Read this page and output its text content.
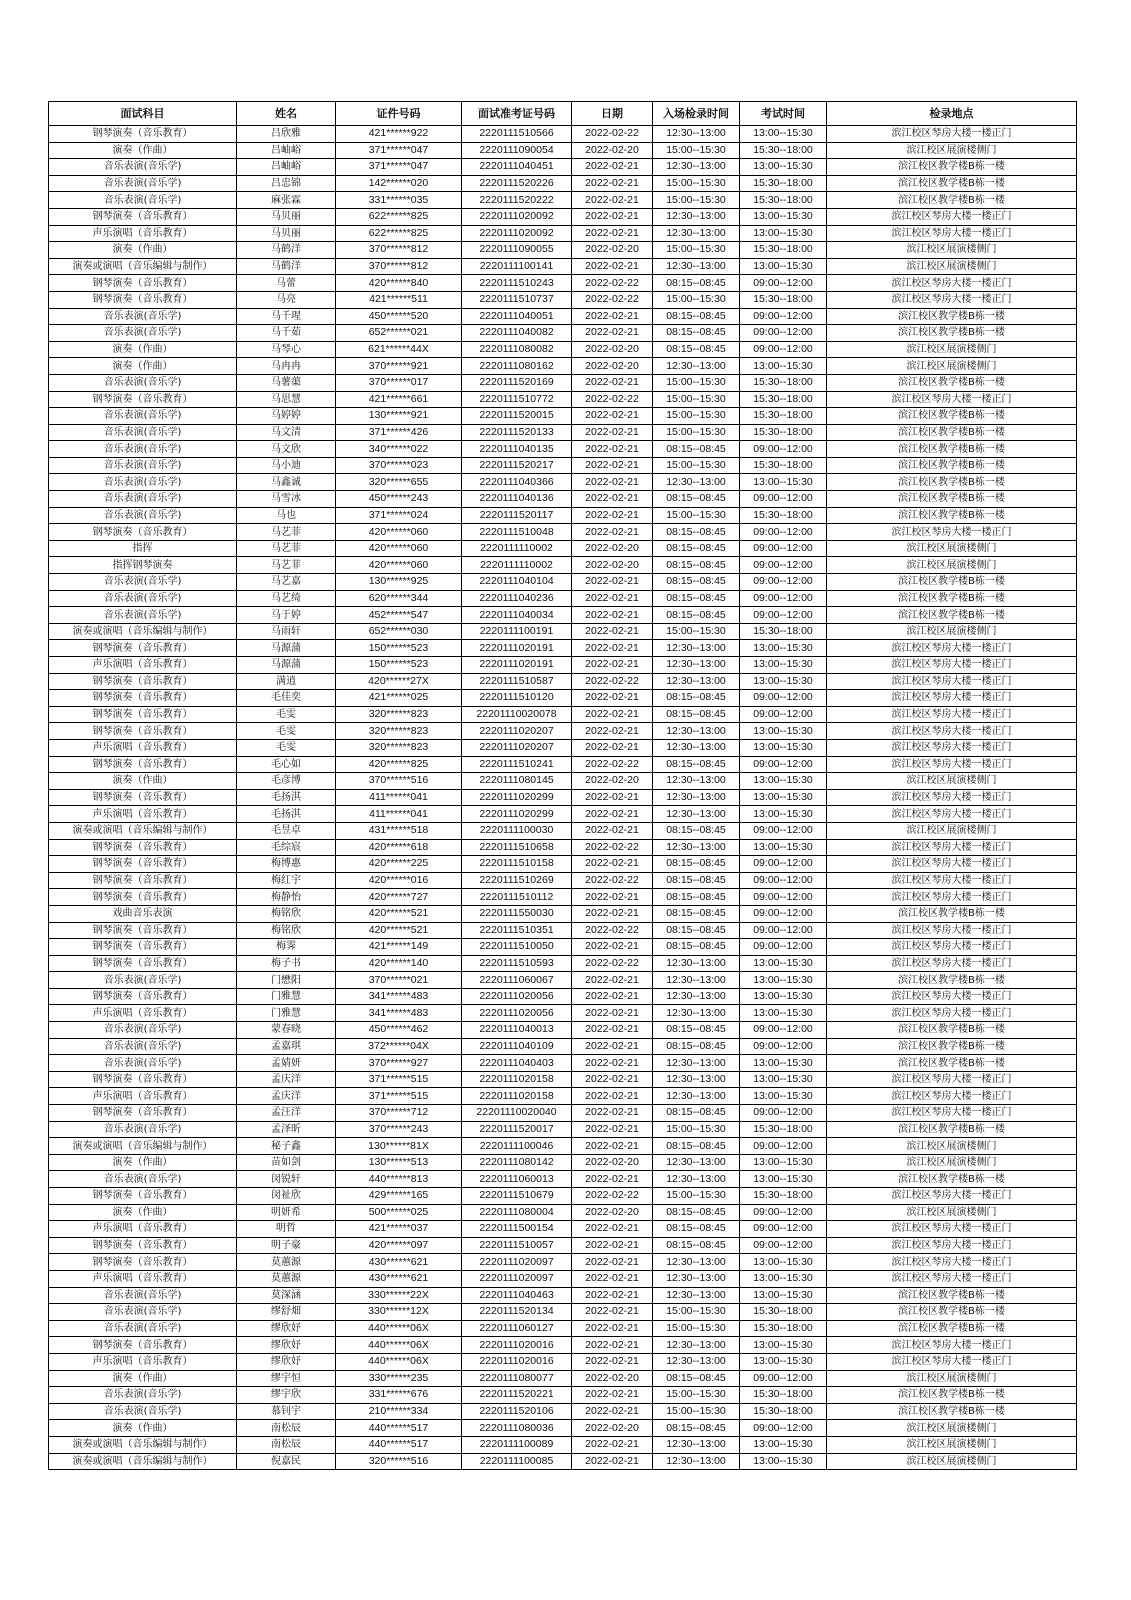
面试科目	姓名	证件号码	面试准考证号码	日期	入场检录时间	考试时间	检录地点
钢琴演奏（音乐教育）	吕欣雅	421******922	2220111510566	2022-02-22	12:30--13:00	13:00--15:30	滨江校区琴房大楼一楼正门
演奏（作曲）	吕岫峪	371******047	2220111090054	2022-02-20	15:00--15:30	15:30--18:00	滨江校区展演楼侧门
音乐表演(音乐学)	吕岫峪	371******047	2220111040451	2022-02-21	12:30--13:00	13:00--15:30	滨江校区教学楼B栋一楼
音乐表演(音乐学)	吕忠锦	142******020	2220111520226	2022-02-21	15:00--15:30	15:30--18:00	滨江校区教学楼B栋一楼
音乐表演(音乐学)	麻张霖	331******035	2220111520222	2022-02-21	15:00--15:30	15:30--18:00	滨江校区教学楼B栋一楼
钢琴演奏（音乐教育）	马贝丽	622******825	2220111020092	2022-02-21	12:30--13:00	13:00--15:30	滨江校区琴房大楼一楼正门
声乐演唱（音乐教育）	马贝丽	622******825	2220111020092	2022-02-21	12:30--13:00	13:00--15:30	滨江校区琴房大楼一楼正门
演奏（作曲）	马鹤洋	370******812	2220111090055	2022-02-20	15:00--15:30	15:30--18:00	滨江校区展演楼侧门
演奏或演唱（音乐编辑与制作）	马鹤洋	370******812	2220111100141	2022-02-21	12:30--13:00	13:00--15:30	滨江校区展演楼侧门
钢琴演奏（音乐教育）	马蕾	420******840	2220111510243	2022-02-22	08:15--08:45	09:00--12:00	滨江校区琴房大楼一楼正门
钢琴演奏（音乐教育）	马亮	421******511	2220111510737	2022-02-22	15:00--15:30	15:30--18:00	滨江校区琴房大楼一楼正门
音乐表演(音乐学)	马千瑆	450******520	2220111040051	2022-02-21	08:15--08:45	09:00--12:00	滨江校区教学楼B栋一楼
音乐表演(音乐学)	马千茹	652******021	2220111040082	2022-02-21	08:15--08:45	09:00--12:00	滨江校区教学楼B栋一楼
演奏（作曲）	马琴心	621******44X	2220111080082	2022-02-20	08:15--08:45	09:00--12:00	滨江校区展演楼侧门
演奏（作曲）	马冉冉	370******921	2220111080162	2022-02-20	12:30--13:00	13:00--15:30	滨江校区展演楼侧门
音乐表演(音乐学)	马薯蕖	370******017	2220111520169	2022-02-21	15:00--15:30	15:30--18:00	滨江校区教学楼B栋一楼
钢琴演奏（音乐教育）	马思慧	421******661	2220111510772	2022-02-22	15:00--15:30	15:30--18:00	滨江校区琴房大楼一楼正门
音乐表演(音乐学)	马婷婷	130******921	2220111520015	2022-02-21	15:00--15:30	15:30--18:00	滨江校区教学楼B栋一楼
音乐表演(音乐学)	马文清	371******426	2220111520133	2022-02-21	15:00--15:30	15:30--18:00	滨江校区教学楼B栋一楼
音乐表演(音乐学)	马文欣	340******022	2220111040135	2022-02-21	08:15--08:45	09:00--12:00	滨江校区教学楼B栋一楼
音乐表演(音乐学)	马小迪	370******023	2220111520217	2022-02-21	15:00--15:30	15:30--18:00	滨江校区教学楼B栋一楼
音乐表演(音乐学)	马鑫诚	320******655	2220111040366	2022-02-21	12:30--13:00	13:00--15:30	滨江校区教学楼B栋一楼
音乐表演(音乐学)	马雪冰	450******243	2220111040136	2022-02-21	08:15--08:45	09:00--12:00	滨江校区教学楼B栋一楼
音乐表演(音乐学)	马也	371******024	2220111520117	2022-02-21	15:00--15:30	15:30--18:00	滨江校区教学楼B栋一楼
钢琴演奏（音乐教育）	马艺菲	420******060	2220111510048	2022-02-21	08:15--08:45	09:00--12:00	滨江校区琴房大楼一楼正门
指挥	马艺菲	420******060	2220111110002	2022-02-20	08:15--08:45	09:00--12:00	滨江校区展演楼侧门
指挥钢琴演奏	马艺菲	420******060	2220111110002	2022-02-20	08:15--08:45	09:00--12:00	滨江校区展演楼侧门
音乐表演(音乐学)	马艺嘉	130******925	2220111040104	2022-02-21	08:15--08:45	09:00--12:00	滨江校区教学楼B栋一楼
音乐表演(音乐学)	马艺绮	620******344	2220111040236	2022-02-21	08:15--08:45	09:00--12:00	滨江校区教学楼B栋一楼
音乐表演(音乐学)	马于婷	452******547	2220111040034	2022-02-21	08:15--08:45	09:00--12:00	滨江校区教学楼B栋一楼
演奏或演唱（音乐编辑与制作）	马雨轩	652******030	2220111100191	2022-02-21	15:00--15:30	15:30--18:00	滨江校区展演楼侧门
钢琴演奏（音乐教育）	马源蒲	150******523	2220111020191	2022-02-21	12:30--13:00	13:00--15:30	滨江校区琴房大楼一楼正门
声乐演唱（音乐教育）	马源蒲	150******523	2220111020191	2022-02-21	12:30--13:00	13:00--15:30	滨江校区琴房大楼一楼正门
钢琴演奏（音乐教育）	满逍	420******27X	2220111510587	2022-02-22	12:30--13:00	13:00--15:30	滨江校区琴房大楼一楼正门
钢琴演奏（音乐教育）	毛佳奕	421******025	2220111510120	2022-02-21	08:15--08:45	09:00--12:00	滨江校区琴房大楼一楼正门
钢琴演奏（音乐教育）	毛雯	320******823	22201110020078	2022-02-21	08:15--08:45	09:00--12:00	滨江校区琴房大楼一楼正门
钢琴演奏（音乐教育）	毛雯	320******823	2220111020207	2022-02-21	12:30--13:00	13:00--15:30	滨江校区琴房大楼一楼正门
声乐演唱（音乐教育）	毛雯	320******823	2220111020207	2022-02-21	12:30--13:00	13:00--15:30	滨江校区琴房大楼一楼正门
钢琴演奏（音乐教育）	毛心如	420******825	2220111510241	2022-02-22	08:15--08:45	09:00--12:00	滨江校区琴房大楼一楼正门
演奏（作曲）	毛彦博	370******516	2220111080145	2022-02-20	12:30--13:00	13:00--15:30	滨江校区展演楼侧门
钢琴演奏（音乐教育）	毛扬淇	411******041	2220111020299	2022-02-21	12:30--13:00	13:00--15:30	滨江校区琴房大楼一楼正门
声乐演唱（音乐教育）	毛扬淇	411******041	2220111020299	2022-02-21	12:30--13:00	13:00--15:30	滨江校区琴房大楼一楼正门
演奏或演唱（音乐编辑与制作）	毛昱卓	431******518	2220111100030	2022-02-21	08:15--08:45	09:00--12:00	滨江校区展演楼侧门
钢琴演奏（音乐教育）	毛综宸	420******618	2220111510658	2022-02-22	12:30--13:00	13:00--15:30	滨江校区琴房大楼一楼正门
钢琴演奏（音乐教育）	梅博惠	420******225	2220111510158	2022-02-21	08:15--08:45	09:00--12:00	滨江校区琴房大楼一楼正门
钢琴演奏（音乐教育）	梅红宇	420******016	2220111510269	2022-02-22	08:15--08:45	09:00--12:00	滨江校区琴房大楼一楼正门
钢琴演奏（音乐教育）	梅静怡	420******727	2220111510112	2022-02-21	08:15--08:45	09:00--12:00	滨江校区琴房大楼一楼正门
戏曲音乐表演	梅铭欣	420******521	2220111550030	2022-02-21	08:15--08:45	09:00--12:00	滨江校区教学楼B栋一楼
钢琴演奏（音乐教育）	梅铭欣	420******521	2220111510351	2022-02-22	08:15--08:45	09:00--12:00	滨江校区琴房大楼一楼正门
钢琴演奏（音乐教育）	梅霁	421******149	2220111510050	2022-02-21	08:15--08:45	09:00--12:00	滨江校区琴房大楼一楼正门
钢琴演奏（音乐教育）	梅子书	420******140	2220111510593	2022-02-22	12:30--13:00	13:00--15:30	滨江校区琴房大楼一楼正门
音乐表演(音乐学)	门懋阳	370******021	2220111060067	2022-02-21	12:30--13:00	13:00--15:30	滨江校区教学楼B栋一楼
钢琴演奏（音乐教育）	门雅慧	341******483	2220111020056	2022-02-21	12:30--13:00	13:00--15:30	滨江校区琴房大楼一楼正门
声乐演唱（音乐教育）	门雅慧	341******483	2220111020056	2022-02-21	12:30--13:00	13:00--15:30	滨江校区琴房大楼一楼正门
音乐表演(音乐学)	蒙春晓	450******462	2220111040013	2022-02-21	08:15--08:45	09:00--12:00	滨江校区教学楼B栋一楼
音乐表演(音乐学)	孟嘉琪	372******04X	2220111040109	2022-02-21	08:15--08:45	09:00--12:00	滨江校区教学楼B栋一楼
音乐表演(音乐学)	孟婧妍	370******927	2220111040403	2022-02-21	12:30--13:00	13:00--15:30	滨江校区教学楼B栋一楼
钢琴演奏（音乐教育）	孟庆洋	371******515	2220111020158	2022-02-21	12:30--13:00	13:00--15:30	滨江校区琴房大楼一楼正门
声乐演唱（音乐教育）	孟庆洋	371******515	2220111020158	2022-02-21	12:30--13:00	13:00--15:30	滨江校区琴房大楼一楼正门
钢琴演奏（音乐教育）	孟汪洋	370******712	22201110020040	2022-02-21	08:15--08:45	09:00--12:00	滨江校区琴房大楼一楼正门
音乐表演(音乐学)	孟泽昕	370******243	2220111520017	2022-02-21	15:00--15:30	15:30--18:00	滨江校区教学楼B栋一楼
演奏或演唱（音乐编辑与制作）	秘子鑫	130******81X	2220111100046	2022-02-21	08:15--08:45	09:00--12:00	滨江校区展演楼侧门
演奏（作曲）	苗如剑	130******513	2220111080142	2022-02-20	12:30--13:00	13:00--15:30	滨江校区展演楼侧门
音乐表演(音乐学)	闵锐轩	440******813	2220111060013	2022-02-21	12:30--13:00	13:00--15:30	滨江校区教学楼B栋一楼
钢琴演奏（音乐教育）	闵祉欣	429******165	2220111510679	2022-02-22	15:00--15:30	15:30--18:00	滨江校区琴房大楼一楼正门
演奏（作曲）	明妍希	500******025	2220111080004	2022-02-20	08:15--08:45	09:00--12:00	滨江校区展演楼侧门
声乐演唱（音乐教育）	明哲	421******037	2220111500154	2022-02-21	08:15--08:45	09:00--12:00	滨江校区琴房大楼一楼正门
钢琴演奏（音乐教育）	明子豪	420******097	2220111510057	2022-02-21	08:15--08:45	09:00--12:00	滨江校区琴房大楼一楼正门
钢琴演奏（音乐教育）	莫蕙源	430******621	2220111020097	2022-02-21	12:30--13:00	13:00--15:30	滨江校区琴房大楼一楼正门
声乐演唱（音乐教育）	莫蕙源	430******621	2220111020097	2022-02-21	12:30--13:00	13:00--15:30	滨江校区琴房大楼一楼正门
音乐表演(音乐学)	莫深涵	330******22X	2220111040463	2022-02-21	12:30--13:00	13:00--15:30	滨江校区教学楼B栋一楼
音乐表演(音乐学)	缪舒畑	330******12X	2220111520134	2022-02-21	15:00--15:30	15:30--18:00	滨江校区教学楼B栋一楼
音乐表演(音乐学)	缪欣妤	440******06X	2220111060127	2022-02-21	15:00--15:30	15:30--18:00	滨江校区教学楼B栋一楼
钢琴演奏（音乐教育）	缪欣妤	440******06X	2220111020016	2022-02-21	12:30--13:00	13:00--15:30	滨江校区琴房大楼一楼正门
声乐演唱（音乐教育）	缪欣妤	440******06X	2220111020016	2022-02-21	12:30--13:00	13:00--15:30	滨江校区琴房大楼一楼正门
演奏（作曲）	缪宇恒	330******235	2220111080077	2022-02-20	08:15--08:45	09:00--12:00	滨江校区展演楼侧门
音乐表演(音乐学)	缪宇欣	331******676	2220111520221	2022-02-21	15:00--15:30	15:30--18:00	滨江校区教学楼B栋一楼
音乐表演(音乐学)	慕钊宇	210******334	2220111520106	2022-02-21	15:00--15:30	15:30--18:00	滨江校区教学楼B栋一楼
演奏（作曲）	南松辰	440******517	2220111080036	2022-02-20	08:15--08:45	09:00--12:00	滨江校区展演楼侧门
演奏或演唱（音乐编辑与制作）	南松辰	440******517	2220111100089	2022-02-21	12:30--13:00	13:00--15:30	滨江校区展演楼侧门
演奏或演唱（音乐编辑与制作）	倪嘉民	320******516	2220111100085	2022-02-21	12:30--13:00	13:00--15:30	滨江校区展演楼侧门
